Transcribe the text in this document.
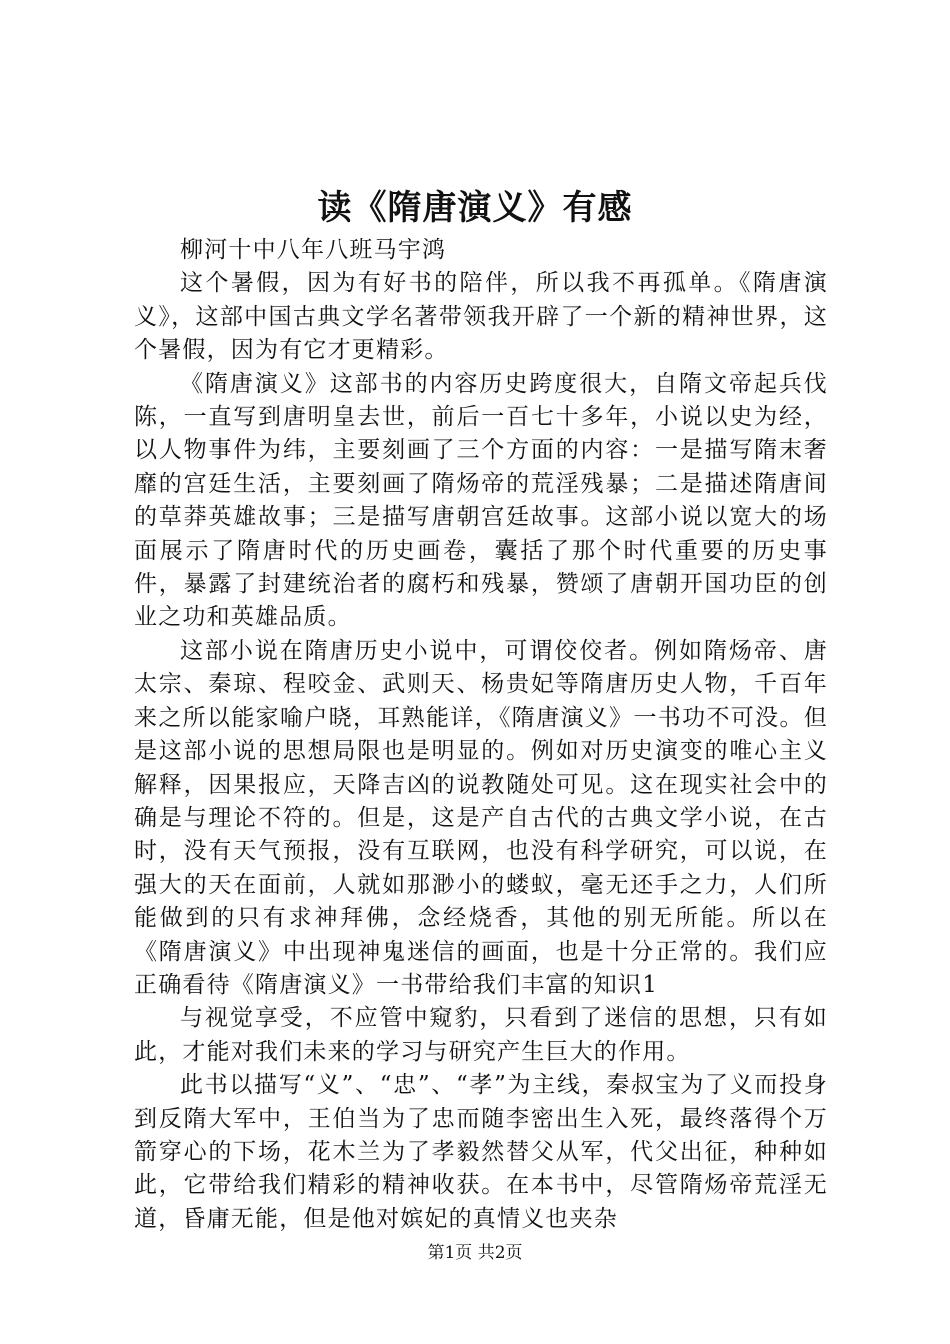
读《隋唐演义》有感

柳河十中八年八班马宇鸿

这个暑假，因为有好书的陪伴，所以我不再孤单。《隋唐演义》，这部中国古典文学名著带领我开辟了一个新的精神世界，这个暑假，因为有它才更精彩。

《隋唐演义》这部书的内容历史跨度很大，自隋文帝起兵伐陈，一直写到唐明皇去世，前后一百七十多年，小说以史为经，以人物事件为纬，主要刻画了三个方面的内容：一是描写隋末奢靡的宫廷生活，主要刻画了隋炀帝的荒淫残暴；二是描述隋唐间的草莽英雄故事；三是描写唐朝宫廷故事。这部小说以宽大的场面展示了隋唐时代的历史画卷，囊括了那个时代重要的历史事件，暴露了封建统治者的腐朽和残暴，赞颂了唐朝开国功臣的创业之功和英雄品质。

这部小说在隋唐历史小说中，可谓佼佼者。例如隋炀帝、唐太宗、秦琼、程咬金、武则天、杨贵妃等隋唐历史人物，千百年来之所以能家喻户晓，耳熟能详，《隋唐演义》一书功不可没。但是这部小说的思想局限也是明显的。例如对历史演变的唯心主义解释，因果报应，天降吉凶的说教随处可见。这在现实社会中的确是与理论不符的。但是，这是产自古代的古典文学小说，在古时，没有天气预报，没有互联网，也没有科学研究，可以说，在强大的天在面前，人就如那渺小的蝼蚁，毫无还手之力，人们所能做到的只有求神拜佛，念经烧香，其他的别无所能。所以在《隋唐演义》中出现神鬼迷信的画面，也是十分正常的。我们应正确看待《隋唐演义》一书带给我们丰富的知识1

与视觉享受，不应管中窥豹，只看到了迷信的思想，只有如此，才能对我们未来的学习与研究产生巨大的作用。

此书以描写“义”、“忠”、“孝”为主线，秦叔宝为了义而投身到反隋大军中，王伯当为了忠而随李密出生入死，最终落得个万箭穿心的下场，花木兰为了孝毅然替父从军，代父出征，种种如此，它带给我们精彩的精神收获。在本书中，尽管隋炀帝荒淫无道，昏庸无能，但是他对嫔妃的真情义也夹杂

第1页 共2页
